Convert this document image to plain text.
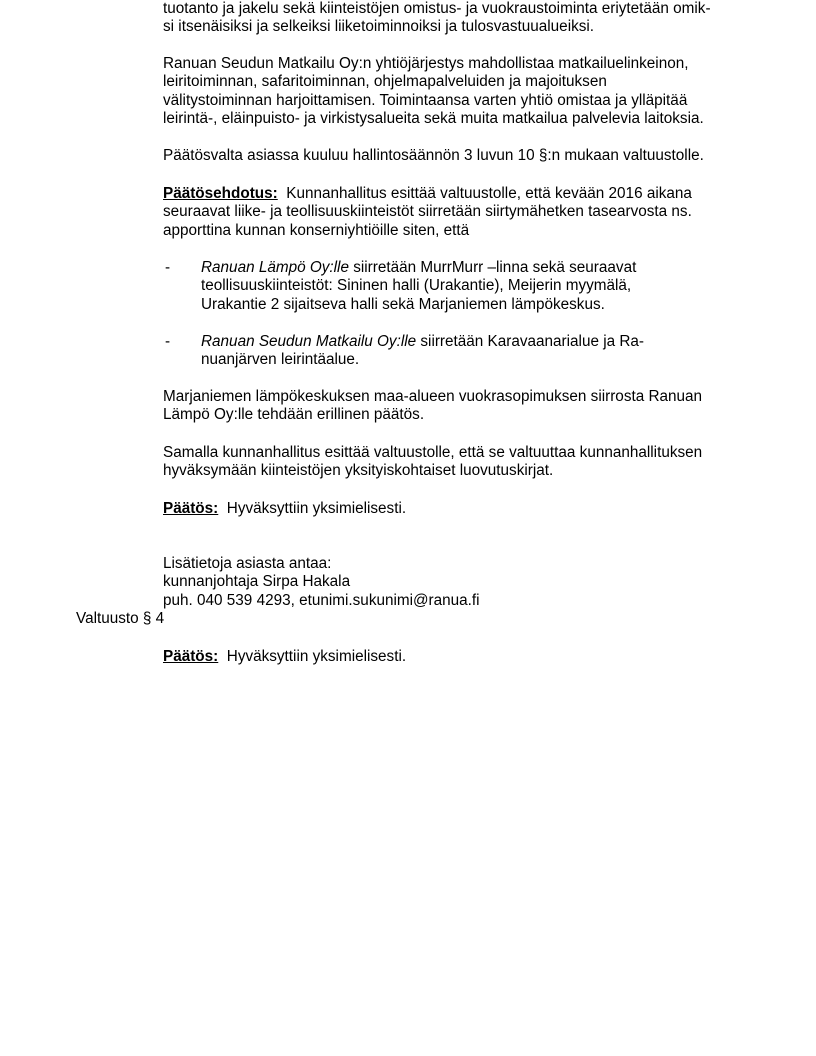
tuotanto ja jakelu sekä kiinteistöjen omistus- ja vuokraustoiminta eriytetään omik-
si itsenäisiksi ja selkeiksi liiketoiminnoiksi ja tulosvastuualueiksi.
Ranuan Seudun Matkailu Oy:n yhtiöjärjestys mahdollistaa matkailuelinkeinon,
leiritoiminnan, safaritoiminnan, ohjelmapalveluiden ja majoituksen
välitystoiminnan harjoittamisen. Toimintaansa varten yhtiö omistaa ja ylläpitää
leirintä-, eläinpuisto- ja virkistysalueita sekä muita matkailua palvelevia laitoksia.
Päätösvalta asiassa kuuluu hallintosäännön 3 luvun 10 §:n mukaan valtuustolle.
Päätösehdotus: Kunnanhallitus esittää valtuustolle, että kevään 2016 aikana
seuraavat liike- ja teollisuuskiinteistöt siirretään siirtymähetken tasearvosta ns.
apporttina kunnan konserniyhtiöille siten, että
- Ranuan Lämpö Oy:lle siirretään MurrMurr –linna sekä seuraavat
teollisuuskiinteistöt: Sininen halli (Urakantie), Meijerin myymälä,
Urakantie 2 sijaitseva halli sekä Marjaniemen lämpökeskus.
- Ranuan Seudun Matkailu Oy:lle siirretään Karavaanarialue ja Ra-
nuanjärven leirintäalue.
Marjaniemen lämpökeskuksen maa-alueen vuokrasopimuksen siirrosta Ranuan
Lämpö Oy:lle tehdään erillinen päätös.
Samalla kunnanhallitus esittää valtuustolle, että se valtuuttaa kunnanhallituksen
hyväksymään kiinteistöjen yksityiskohtaiset luovutuskirjat.
Päätös: Hyväksyttiin yksimielisesti.
Lisätietoja asiasta antaa:
kunnanjohtaja Sirpa Hakala
puh. 040 539 4293, etunimi.sukunimi@ranua.fi
Valtuusto § 4
Päätös: Hyväksyttiin yksimielisesti.
